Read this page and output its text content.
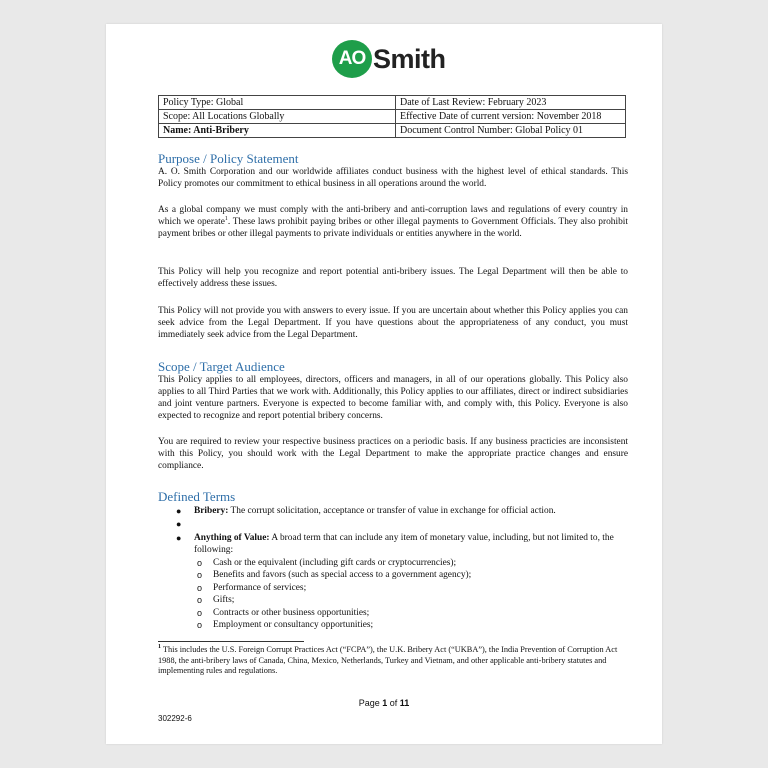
AO Smith
Policy Type: Global	Date of Last Review: February 2023
Scope: All Locations Globally	Effective Date of current version: November 2018
Name: Anti-Bribery	Document Control Number: Global Policy 01
Purpose / Policy Statement
A. O. Smith Corporation and our worldwide affiliates conduct business with the highest level of ethical standards. This Policy promotes our commitment to ethical business in all operations around the world.
As a global company we must comply with the anti-bribery and anti-corruption laws and regulations of every country in which we operate$^1$. These laws prohibit paying bribes or other illegal payments to Government Officials. They also prohibit payment bribes or other illegal payments to private individuals or entities anywhere in the world.
This Policy will help you recognize and report potential anti-bribery issues. The Legal Department will then be able to effectively address these issues.
This Policy will not provide you with answers to every issue. If you are uncertain about whether this Policy applies you can seek advice from the Legal Department. If you have questions about the appropriateness of any conduct, you must immediately seek advice from the Legal Department.
Scope / Target Audience
This Policy applies to all employees, directors, officers and managers, in all of our operations globally. This Policy also applies to all Third Parties that we work with. Additionally, this Policy applies to our affiliates, direct or indirect subsidiaries and joint venture partners. Everyone is expected to become familiar with, and comply with, this Policy. Everyone is also expected to recognize and report potential bribery concerns.
You are required to review your respective business practices on a periodic basis. If any business practicies are inconsistent with this Policy, you should work with the Legal Department to make the appropriate practice changes and ensure compliance.
Defined Terms
● Bribery: The corrupt solicitation, acceptance or transfer of value in exchange for official action.
●
● Anything of Value: A broad term that can include any item of monetary value, including, but not limited to, the following:
o Cash or the equivalent (including gift cards or cryptocurrencies);
o Benefits and favors (such as special access to a government agency);
o Performance of services;
o Gifts;
o Contracts or other business opportunities;
o Employment or consultancy opportunities;
$^1$ This includes the U.S. Foreign Corrupt Practices Act (“FCPA”), the U.K. Bribery Act (“UKBA”), the India Prevention of Corruption Act 1988, the anti-bribery laws of Canada, China, Mexico, Netherlands, Turkey and Vietnam, and other applicable anti-bribery statutes and implementing rules and regulations.
Page 1 of 11
302292-6
